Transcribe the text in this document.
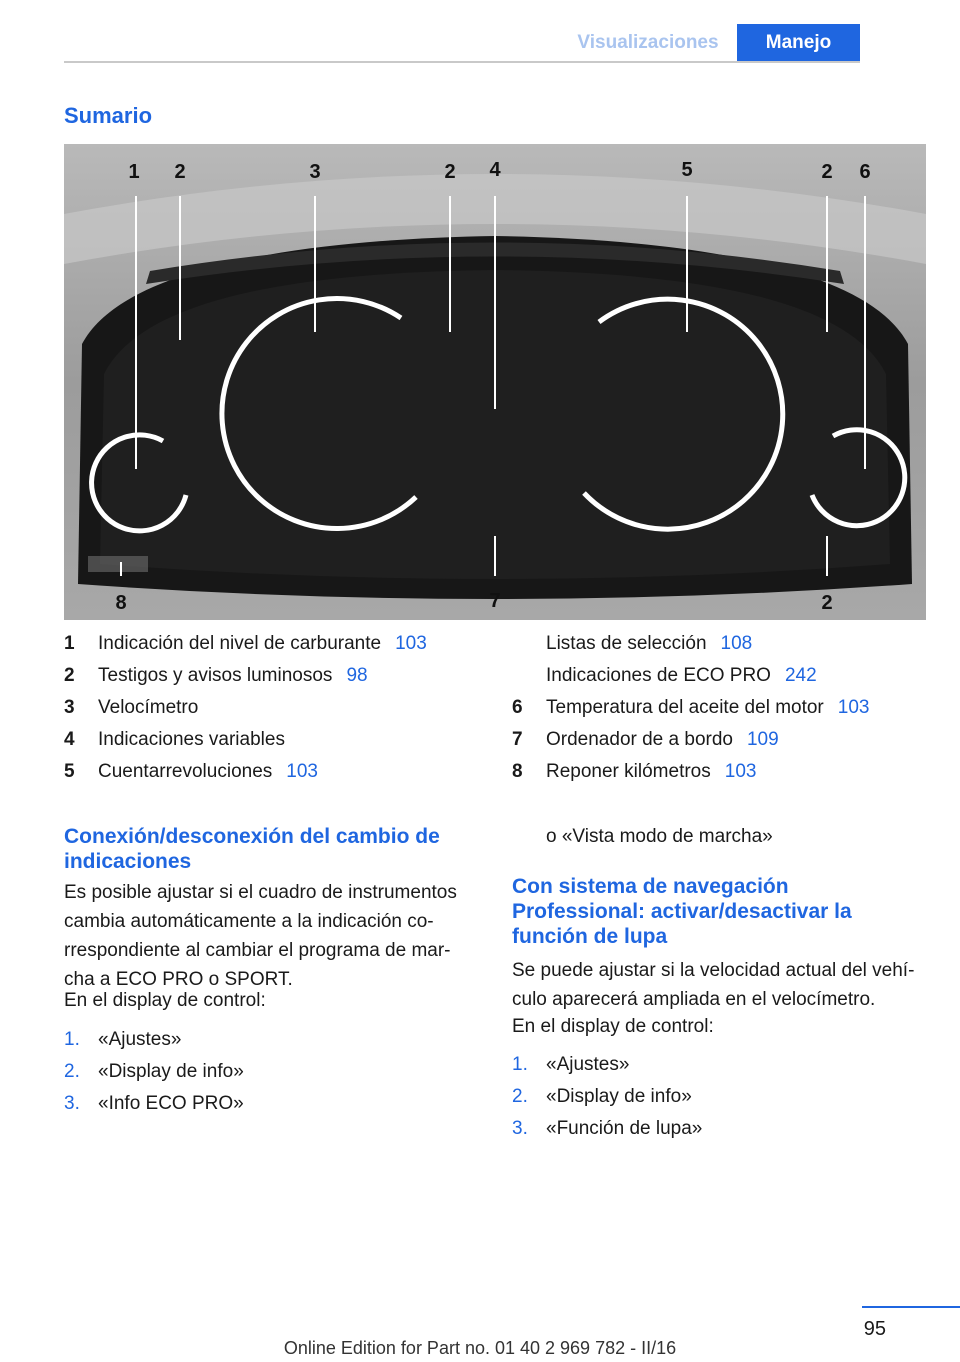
Visualizaciones	Manejo
Sumario
1 2	3	2 4	5	2 6
8	7	2
1 Indicación del nivel de carburante 103
2 Testigos y avisos luminosos 98
3 Velocímetro
4 Indicaciones variables
5 Cuentarrevoluciones 103
Listas de selección 108
Indicaciones de ECO PRO 242
6 Temperatura del aceite del motor 103
7 Ordenador de a bordo 109
8 Reponer kilómetros 103
o «Vista modo de marcha»
Conexión/desconexión del cambio de indicaciones
Es posible ajustar si el cuadro de instrumentos
cambia automáticamente a la indicación co‐
rrespondiente al cambiar el programa de mar‐
cha a ECO PRO o SPORT.
En el display de control:
1. «Ajustes»
2. «Display de info»
3. «Info ECO PRO»
Con sistema de navegación
Professional: activar/desactivar la
función de lupa
Se puede ajustar si la velocidad actual del vehí‐
culo aparecerá ampliada en el velocímetro.
En el display de control:
1. «Ajustes»
2. «Display de info»
3. «Función de lupa»
95
Online Edition for Part no. 01 40 2 969 782 - II/16
